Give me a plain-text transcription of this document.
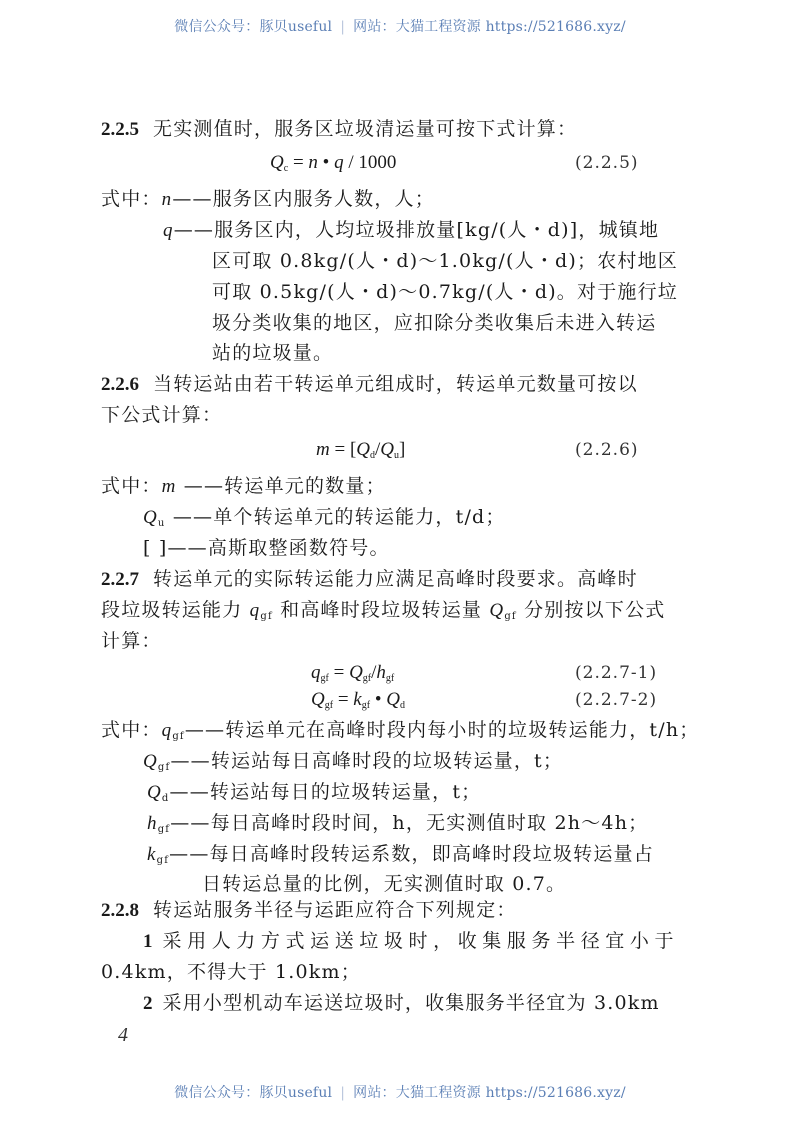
微信公众号：豚贝useful | 网站：大猫工程资源 https://521686.xyz/
2.2.5 无实测值时，服务区垃圾清运量可按下式计算：
$Q_c = n$ • q / 1000	(2.2.5)
式中：n——服务区内服务人数，人；
q——服务区内，人均垃圾排放量[kg/(人・d)]，城镇地
区可取 0.8kg/(人・d)～1.0kg/(人・d)；农村地区
可取 0.5kg/(人・d)～0.7kg/(人・d)。对于施行垃
圾分类收集的地区，应扣除分类收集后未进入转运
站的垃圾量。
2.2.6 当转运站由若干转运单元组成时，转运单元数量可按以
下公式计算：
$m = [Q_d/Q_u]$	(2.2.6)
式中：m ——转运单元的数量；
$Q_u$ ——单个转运单元的转运能力，t/d；
[ ]——高斯取整函数符号。
2.2.7 转运单元的实际转运能力应满足高峰时段要求。高峰时
段垃圾转运能力 $q_{gf}$ 和高峰时段垃圾转运量 $Q_{gf}$ 分别按以下公式
计算：
$q_{gf} = Q_{gf}/h_{gf}$	(2.2.7-1)
$Q_{gf} = k_{gf}$ • $Q_d$	(2.2.7-2)
式中：$q_{gf}——$转运单元在高峰时段内每小时的垃圾转运能力，t/h；
$Q_{gf}——$转运站每日高峰时段的垃圾转运量，t；
$Q_d——$转运站每日的垃圾转运量，t；
$h_{gf}——$每日高峰时段时间，h，无实测值时取 2h～4h；
$k_{gf}——$每日高峰时段转运系数，即高峰时段垃圾转运量占
日转运总量的比例，无实测值时取 0.7。
2.2.8 转运站服务半径与运距应符合下列规定：
1 采用人力方式运送垃圾时，收集服务半径宜小于
0.4km，不得大于 1.0km；
2 采用小型机动车运送垃圾时，收集服务半径宜为 3.0km
4
微信公众号：豚贝useful | 网站：大猫工程资源 https://521686.xyz/
